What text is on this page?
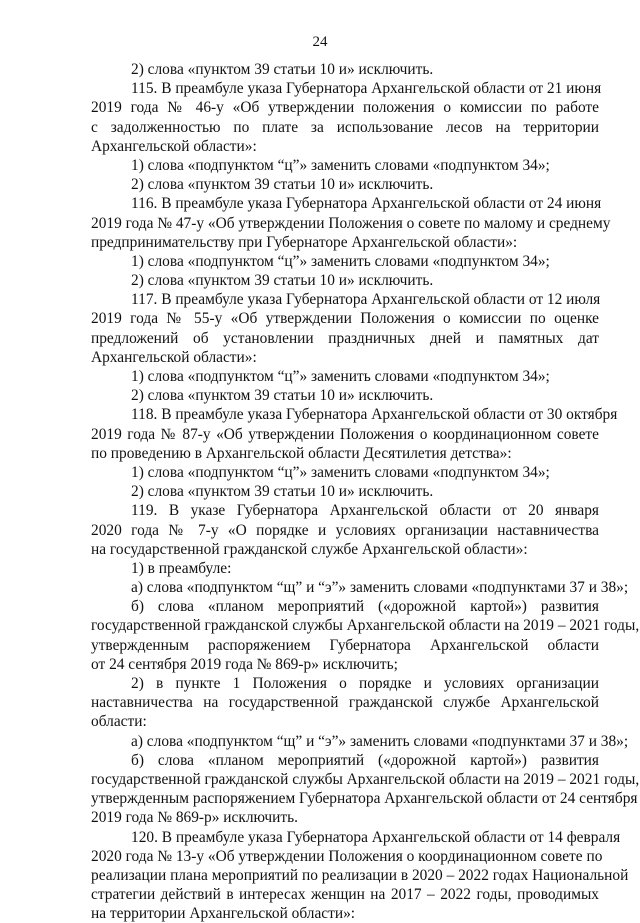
24
2) слова «пунктом 39 статьи 10 и» исключить.
115. В преамбуле указа Губернатора Архангельской области от 21 июня
2019 года № 46-у «Об утверждении положения о комиссии по работе
с задолженностью по плате за использование лесов на территории
Архангельской области»:
1) слова «подпунктом “ц”» заменить словами «подпунктом 34»;
2) слова «пунктом 39 статьи 10 и» исключить.
116. В преамбуле указа Губернатора Архангельской области от 24 июня
2019 года № 47-у «Об утверждении Положения о совете по малому и среднему
предпринимательству при Губернаторе Архангельской области»:
1) слова «подпунктом “ц”» заменить словами «подпунктом 34»;
2) слова «пунктом 39 статьи 10 и» исключить.
117. В преамбуле указа Губернатора Архангельской области от 12 июля
2019 года № 55-у «Об утверждении Положения о комиссии по оценке
предложений об установлении праздничных дней и памятных дат
Архангельской области»:
1) слова «подпунктом “ц”» заменить словами «подпунктом 34»;
2) слова «пунктом 39 статьи 10 и» исключить.
118. В преамбуле указа Губернатора Архангельской области от 30 октября
2019 года № 87-у «Об утверждении Положения о координационном совете
по проведению в Архангельской области Десятилетия детства»:
1) слова «подпунктом “ц”» заменить словами «подпунктом 34»;
2) слова «пунктом 39 статьи 10 и» исключить.
119. В указе Губернатора Архангельской области от 20 января
2020 года № 7-у «О порядке и условиях организации наставничества
на государственной гражданской службе Архангельской области»:
1) в преамбуле:
а) слова «подпунктом “щ” и “э”» заменить словами «подпунктами 37 и 38»;
б) слова «планом мероприятий («дорожной картой») развития
государственной гражданской службы Архангельской области на 2019 – 2021 годы,
утвержденным распоряжением Губернатора Архангельской области
от 24 сентября 2019 года № 869-р» исключить;
2) в пункте 1 Положения о порядке и условиях организации
наставничества на государственной гражданской службе Архангельской
области:
а) слова «подпунктом “щ” и “э”» заменить словами «подпунктами 37 и 38»;
б) слова «планом мероприятий («дорожной картой») развития
государственной гражданской службы Архангельской области на 2019 – 2021 годы,
утвержденным распоряжением Губернатора Архангельской области от 24 сентября
2019 года № 869-р» исключить.
120. В преамбуле указа Губернатора Архангельской области от 14 февраля
2020 года № 13-у «Об утверждении Положения о координационном совете по
реализации плана мероприятий по реализации в 2020 – 2022 годах Национальной
стратегии действий в интересах женщин на 2017 – 2022 годы, проводимых
на территории Архангельской области»:
